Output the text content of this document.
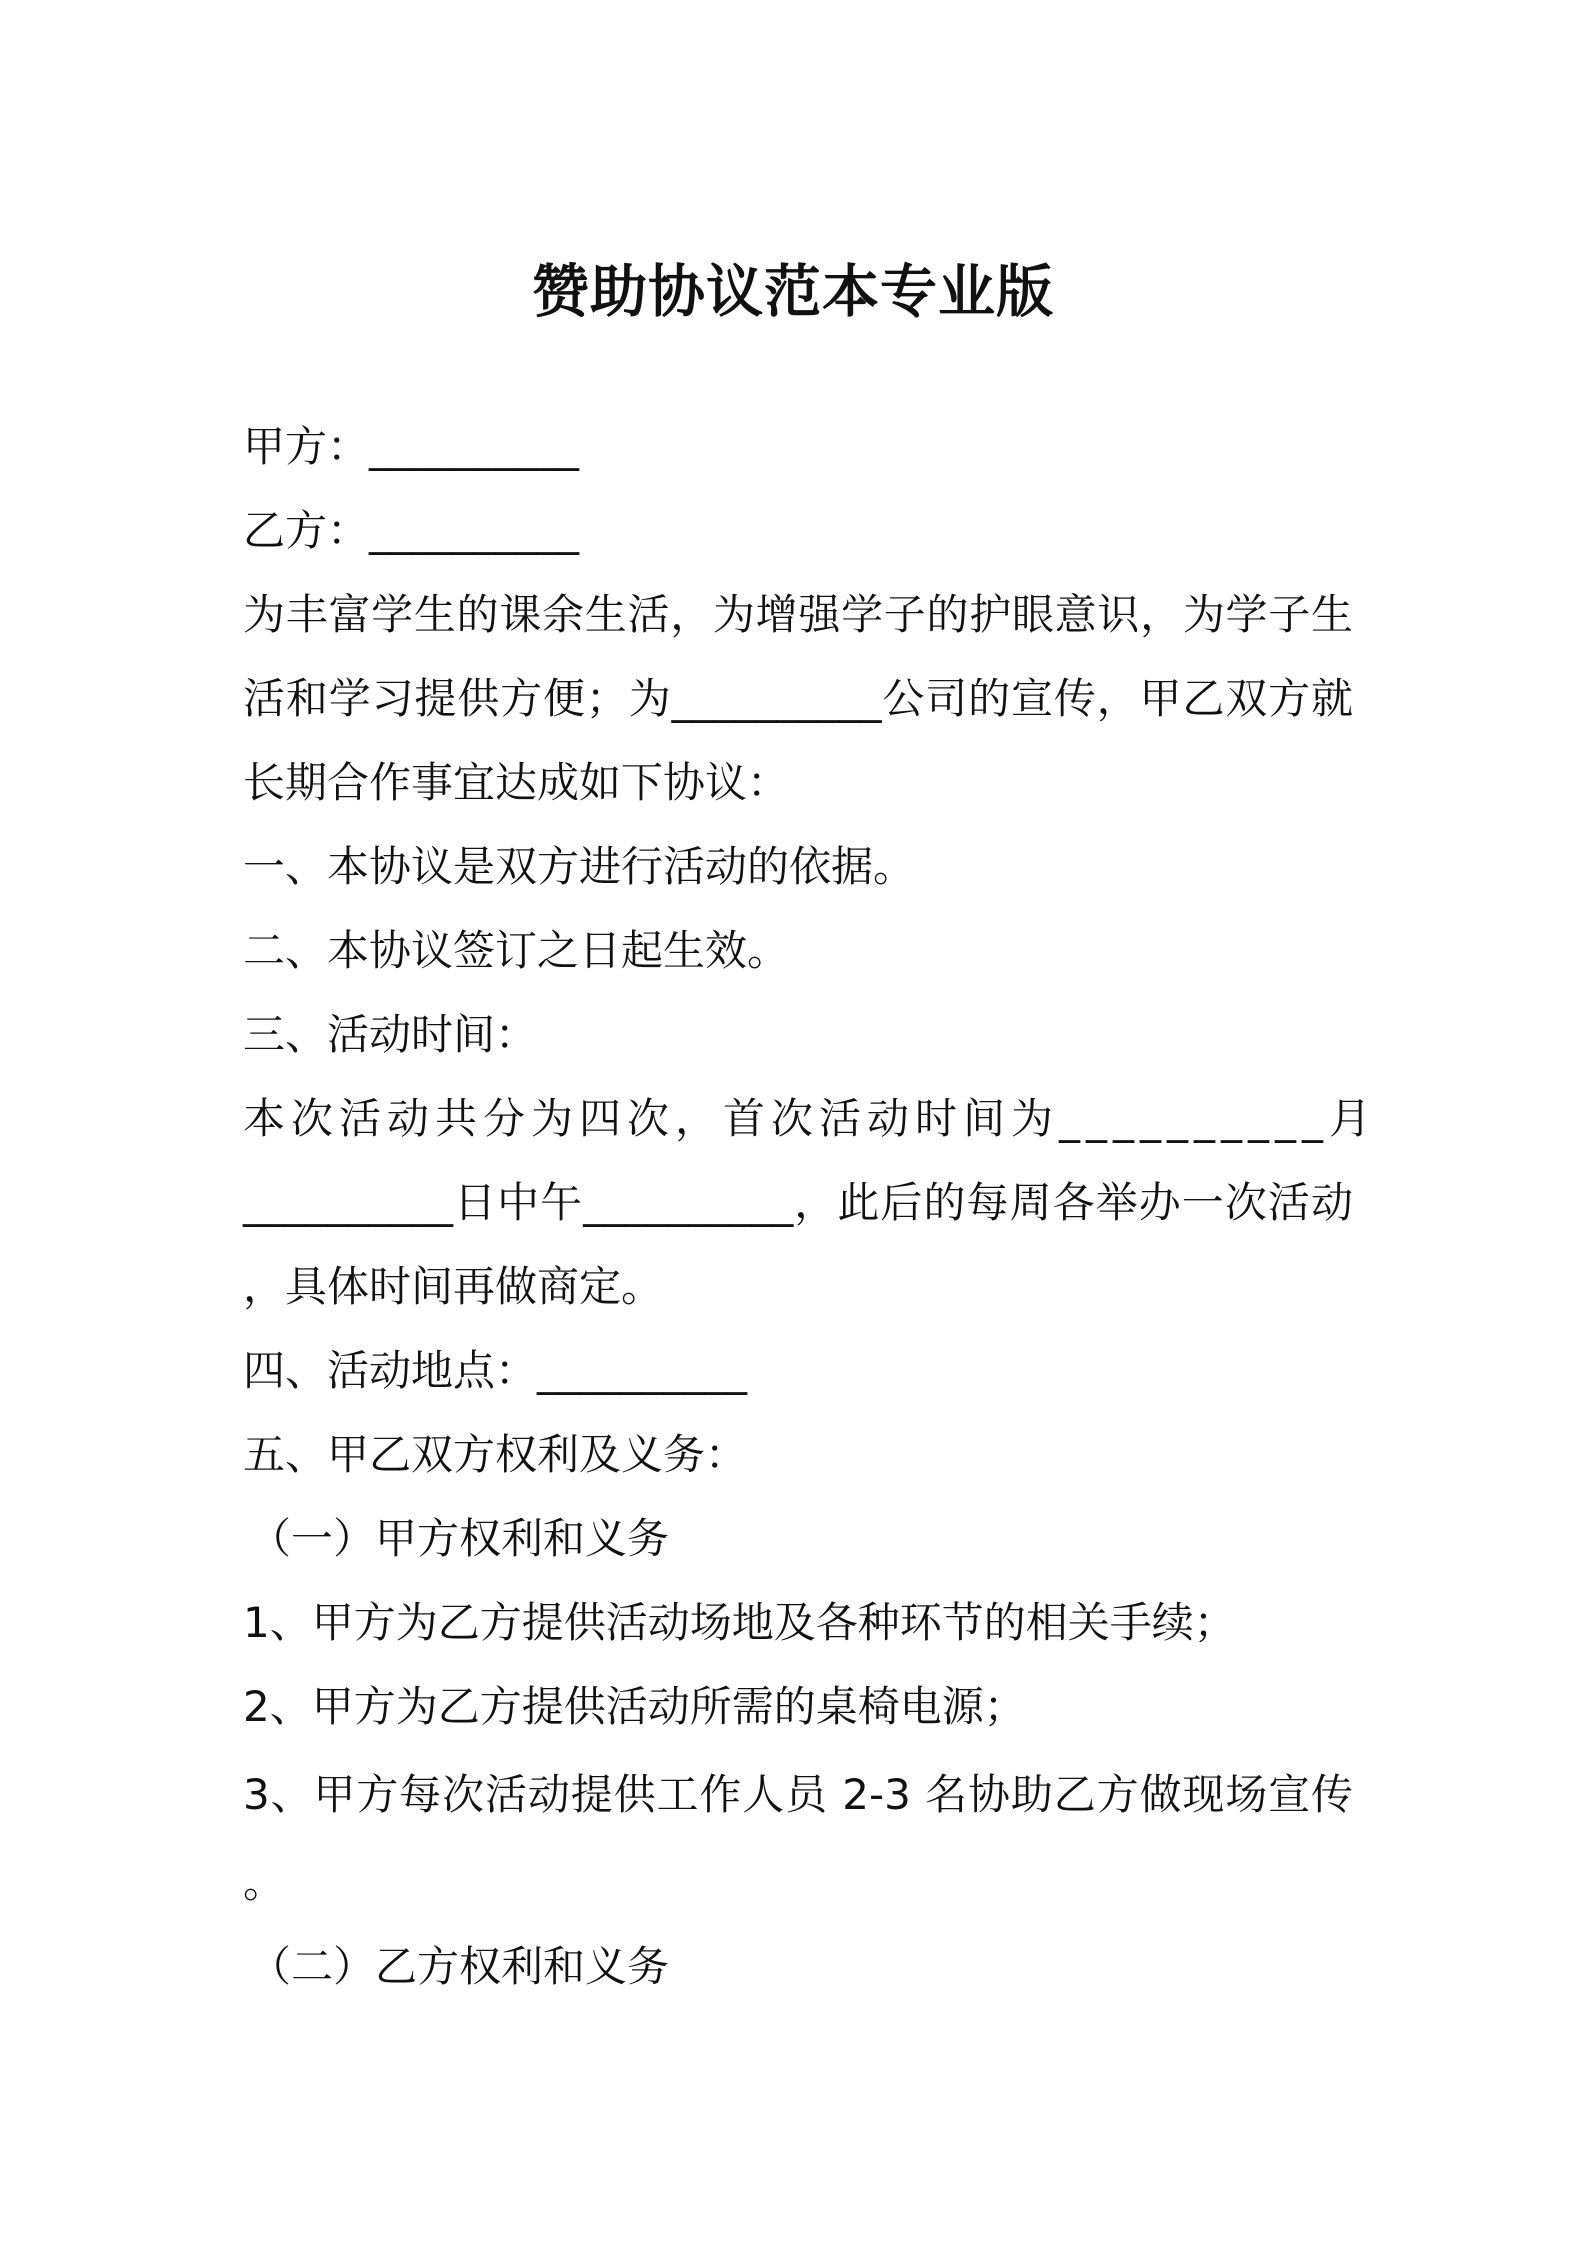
赞助协议范本专业版

甲方：__________

乙方：__________

为丰富学生的课余生活，为增强学子的护眼意识，为学子生

活和学习提供方便；为__________公司的宣传，甲乙双方就

长期合作事宜达成如下协议：

一、本协议是双方进行活动的依据。

二、本协议签订之日起生效。

三、活动时间：

本次活动共分为四次，首次活动时间为__________月

__________日中午__________，此后的每周各举办一次活动

，具体时间再做商定。

四、活动地点：__________

五、甲乙双方权利及义务：

（一）甲方权利和义务

1、甲方为乙方提供活动场地及各种环节的相关手续；

2、甲方为乙方提供活动所需的桌椅电源；

3、甲方每次活动提供工作人员 2-3 名协助乙方做现场宣传

。

（二）乙方权利和义务
